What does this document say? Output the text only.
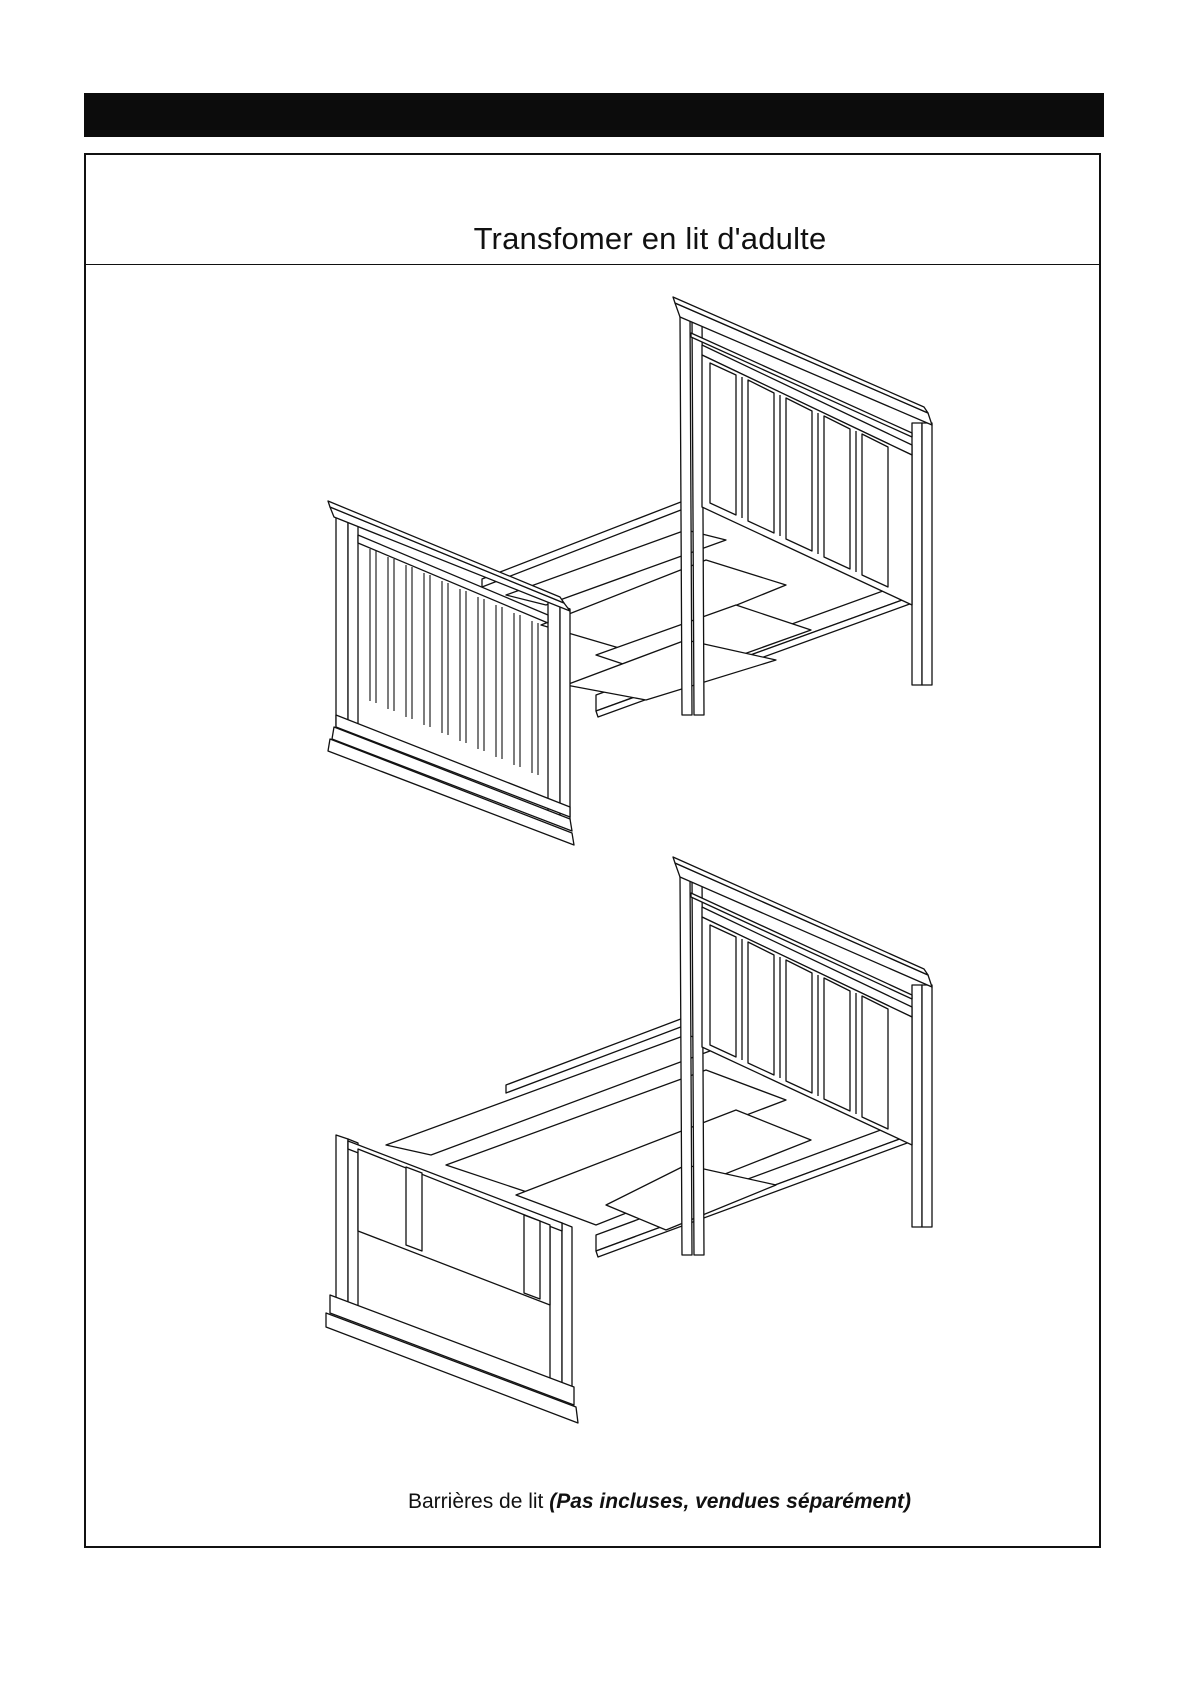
Transfomer en lit d'adulte
Barrières de lit (Pas incluses, vendues séparément)
